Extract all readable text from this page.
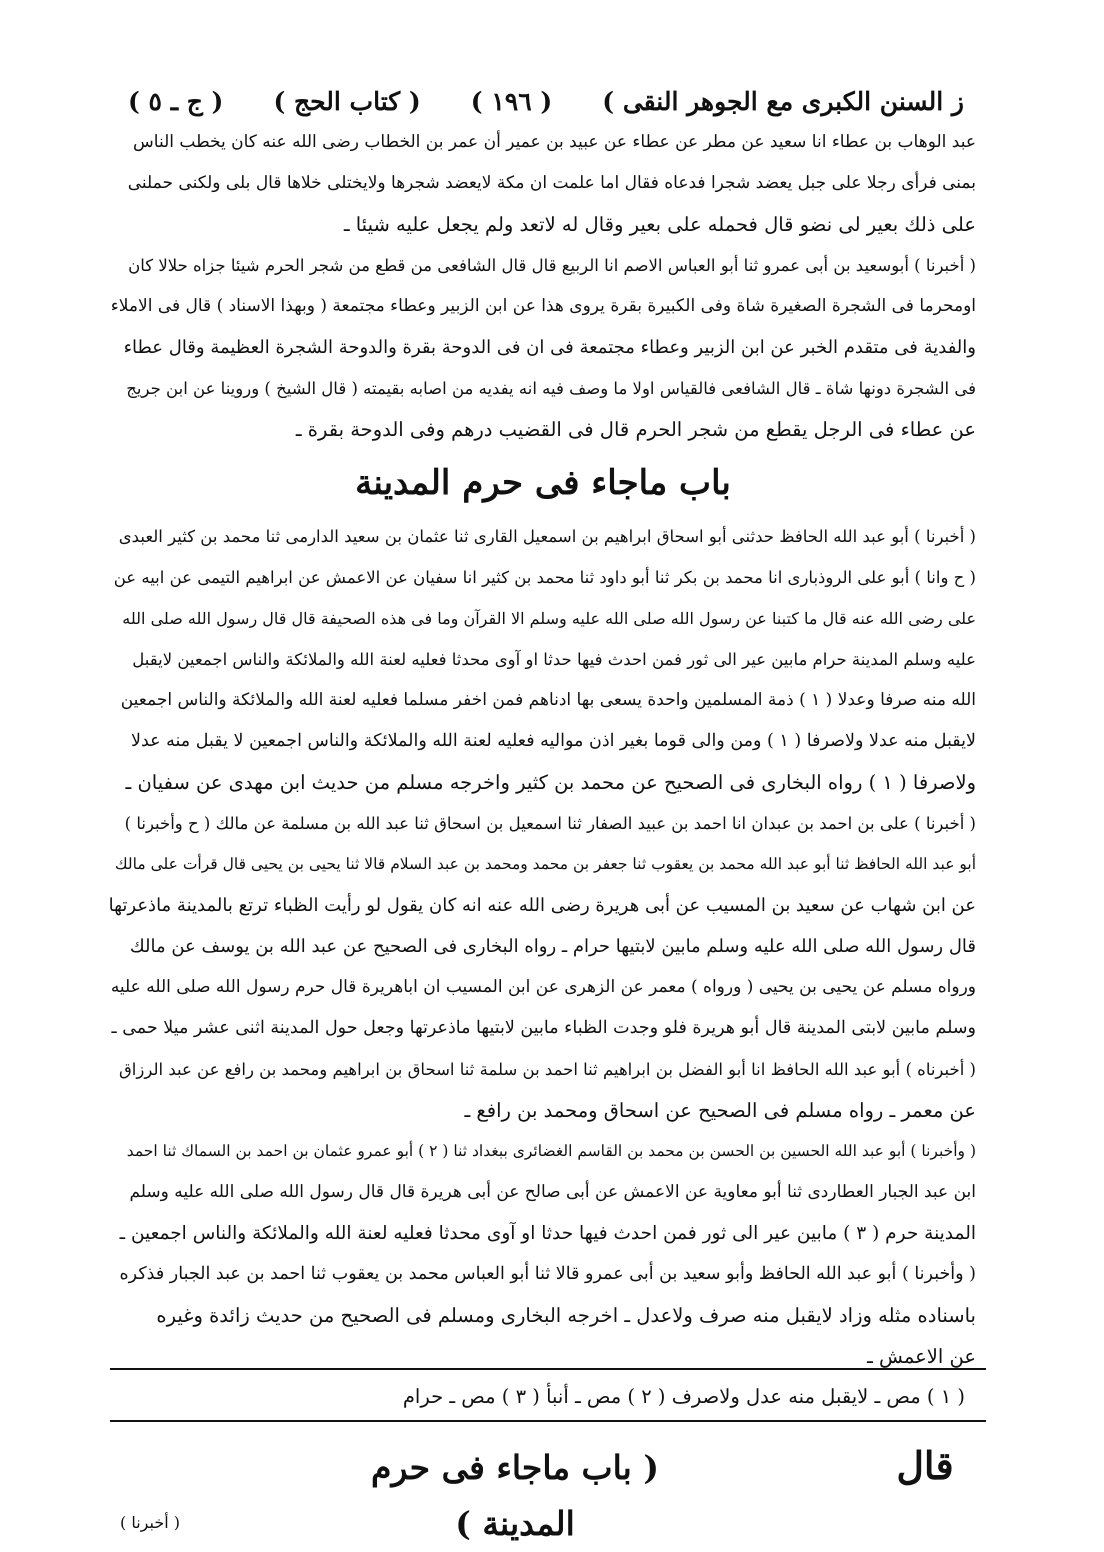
ز السنن الكبرى مع الجوهر النقى )
( ١٩٦ )
( كتاب الحج )
( ج ـ ٥ )
عبد الوهاب بن عطاء انا سعيد عن مطر عن عطاء عن عبيد بن عمير أن عمر بن الخطاب رضى الله عنه كان يخطب الناس
بمنى فرأى رجلا على جبل يعضد شجرا فدعاه فقال اما علمت ان مكة لايعضد شجرها ولايختلى خلاها قال بلى ولكنى حملنى
على ذلك بعير لى نضو قال فحمله على بعير وقال له لاتعد ولم يجعل عليه شيئا ـ
( أخبرنا ) أبوسعيد بن أبى عمرو ثنا أبو العباس الاصم انا الربيع قال قال الشافعى من قطع من شجر الحرم شيئا جزاه حلالا كان
اومحرما فى الشجرة الصغيرة شاة وفى الكبيرة بقرة يروى هذا عن ابن الزبير وعطاء مجتمعة ( وبهذا الاسناد ) قال فى الاملاء
والفدية فى متقدم الخبر عن ابن الزبير وعطاء مجتمعة فى ان فى الدوحة بقرة والدوحة الشجرة العظيمة وقال عطاء
فى الشجرة دونها شاة ـ قال الشافعى فالقياس اولا ما وصف فيه انه يفديه من اصابه بقيمته ( قال الشيخ ) وروينا عن ابن جريج
عن عطاء فى الرجل يقطع من شجر الحرم قال فى القضيب درهم وفى الدوحة بقرة ـ
باب ماجاء فى حرم المدينة
( أخبرنا ) أبو عبد الله الحافظ حدثنى أبو اسحاق ابراهيم بن اسمعيل القارى ثنا عثمان بن سعيد الدارمى ثنا محمد بن كثير العبدى
( ح وانا ) أبو على الروذبارى انا محمد بن بكر ثنا أبو داود ثنا محمد بن كثير انا سفيان عن الاعمش عن ابراهيم التيمى عن ابيه عن
على رضى الله عنه قال ما كتبنا عن رسول الله صلى الله عليه وسلم الا القرآن وما فى هذه الصحيفة قال قال رسول الله صلى الله
عليه وسلم المدينة حرام مابين عير الى ثور فمن احدث فيها حدثا او آوى محدثا فعليه لعنة الله والملائكة والناس اجمعين لايقبل
الله منه صرفا وعدلا ( ١ ) ذمة المسلمين واحدة يسعى بها ادناهم فمن اخفر مسلما فعليه لعنة الله والملائكة والناس اجمعين
لايقبل منه عدلا ولاصرفا ( ١ ) ومن والى قوما بغير اذن مواليه فعليه لعنة الله والملائكة والناس اجمعين لا يقبل منه عدلا
ولاصرفا ( ١ ) رواه البخارى فى الصحيح عن محمد بن كثير واخرجه مسلم من حديث ابن مهدى عن سفيان ـ
( أخبرنا ) على بن احمد بن عبدان انا احمد بن عبيد الصفار ثنا اسمعيل بن اسحاق ثنا عبد الله بن مسلمة عن مالك ( ح وأخبرنا )
أبو عبد الله الحافظ ثنا أبو عبد الله محمد بن يعقوب ثنا جعفر بن محمد ومحمد بن عبد السلام قالا ثنا يحيى بن يحيى قال قرأت على مالك
عن ابن شهاب عن سعيد بن المسيب عن أبى هريرة رضى الله عنه انه كان يقول لو رأيت الظباء ترتع بالمدينة ماذعرتها
قال رسول الله صلى الله عليه وسلم مابين لابتيها حرام ـ رواه البخارى فى الصحيح عن عبد الله بن يوسف عن مالك
ورواه مسلم عن يحيى بن يحيى ( ورواه ) معمر عن الزهرى عن ابن المسيب ان اباهريرة قال حرم رسول الله صلى الله عليه
وسلم مابين لابتى المدينة قال أبو هريرة فلو وجدت الظباء مابين لابتيها ماذعرتها وجعل حول المدينة اثنى عشر ميلا حمى ـ
( أخبرناه ) أبو عبد الله الحافظ انا أبو الفضل بن ابراهيم ثنا احمد بن سلمة ثنا اسحاق بن ابراهيم ومحمد بن رافع عن عبد الرزاق
عن معمر ـ رواه مسلم فى الصحيح عن اسحاق ومحمد بن رافع ـ
( وأخبرنا ) أبو عبد الله الحسين بن الحسن بن محمد بن القاسم الغضائرى ببغداد ثنا ( ٢ ) أبو عمرو عثمان بن احمد بن السماك ثنا احمد
ابن عبد الجبار العطاردى ثنا أبو معاوية عن الاعمش عن أبى صالح عن أبى هريرة قال قال رسول الله صلى الله عليه وسلم
المدينة حرم ( ٣ ) مابين عير الى ثور فمن احدث فيها حدثا او آوى محدثا فعليه لعنة الله والملائكة والناس اجمعين ـ
( وأخبرنا ) أبو عبد الله الحافظ وأبو سعيد بن أبى عمرو قالا ثنا أبو العباس محمد بن يعقوب ثنا احمد بن عبد الجبار فذكره
باسناده مثله وزاد لايقبل منه صرف ولاعدل ـ اخرجه البخارى ومسلم فى الصحيح من حديث زائدة وغيره
عن الاعمش ـ
( ١ ) مص ـ لايقبل منه عدل ولاصرف ( ٢ ) مص ـ أنبأ ( ٣ ) مص ـ حرام
قال
( باب ماجاء فى حرم المدينة )
( أخبرنا )
